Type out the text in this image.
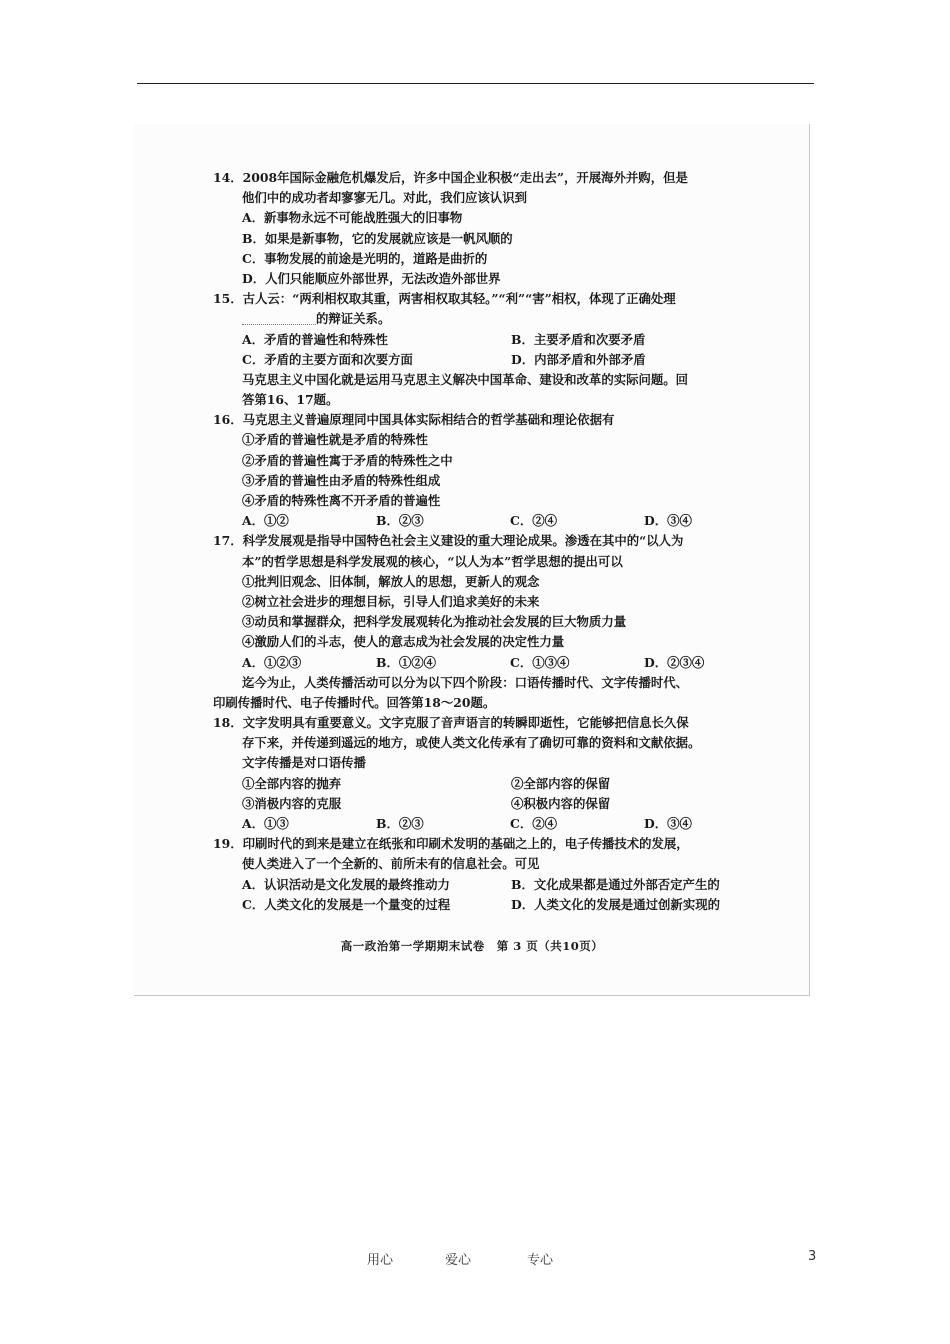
14．2008年国际金融危机爆发后，许多中国企业积极“走出去”，开展海外并购，但是
他们中的成功者却寥寥无几。对此，我们应该认识到
A．新事物永远不可能战胜强大的旧事物
B．如果是新事物，它的发展就应该是一帆风顺的
C．事物发展的前途是光明的，道路是曲折的
D．人们只能顺应外部世界，无法改造外部世界
15．古人云：“两利相权取其重，两害相权取其轻。”“利”“害”相权，体现了正确处理
的辩证关系。
A．矛盾的普遍性和特殊性	B．主要矛盾和次要矛盾
C．矛盾的主要方面和次要方面	D．内部矛盾和外部矛盾
马克思主义中国化就是运用马克思主义解决中国革命、建设和改革的实际问题。回
答第16、17题。
16．马克思主义普遍原理同中国具体实际相结合的哲学基础和理论依据有
①矛盾的普遍性就是矛盾的特殊性
②矛盾的普遍性寓于矛盾的特殊性之中
③矛盾的普遍性由矛盾的特殊性组成
④矛盾的特殊性离不开矛盾的普遍性
A．①②	B．②③	C．②④	D．③④
17．科学发展观是指导中国特色社会主义建设的重大理论成果。渗透在其中的“以人为
本”的哲学思想是科学发展观的核心，“以人为本”哲学思想的提出可以
①批判旧观念、旧体制，解放人的思想，更新人的观念
②树立社会进步的理想目标，引导人们追求美好的未来
③动员和掌握群众，把科学发展观转化为推动社会发展的巨大物质力量
④激励人们的斗志，使人的意志成为社会发展的决定性力量
A．①②③	B．①②④	C．①③④	D．②③④
迄今为止，人类传播活动可以分为以下四个阶段：口语传播时代、文字传播时代、
印刷传播时代、电子传播时代。回答第18～20题。
18．文字发明具有重要意义。文字克服了音声语言的转瞬即逝性，它能够把信息长久保
存下来，并传递到遥远的地方，或使人类文化传承有了确切可靠的资料和文献依据。
文字传播是对口语传播
①全部内容的抛弃	②全部内容的保留
③消极内容的克服	④积极内容的保留
A．①③	B．②③	C．②④	D．③④
19．印刷时代的到来是建立在纸张和印刷术发明的基础之上的，电子传播技术的发展，
使人类进入了一个全新的、前所未有的信息社会。可见
A．认识活动是文化发展的最终推动力	B．文化成果都是通过外部否定产生的
C．人类文化的发展是一个量变的过程	D．人类文化的发展是通过创新实现的
高一政治第一学期期末试卷　第 3 页（共10页）
用心	爱心	专心	3
